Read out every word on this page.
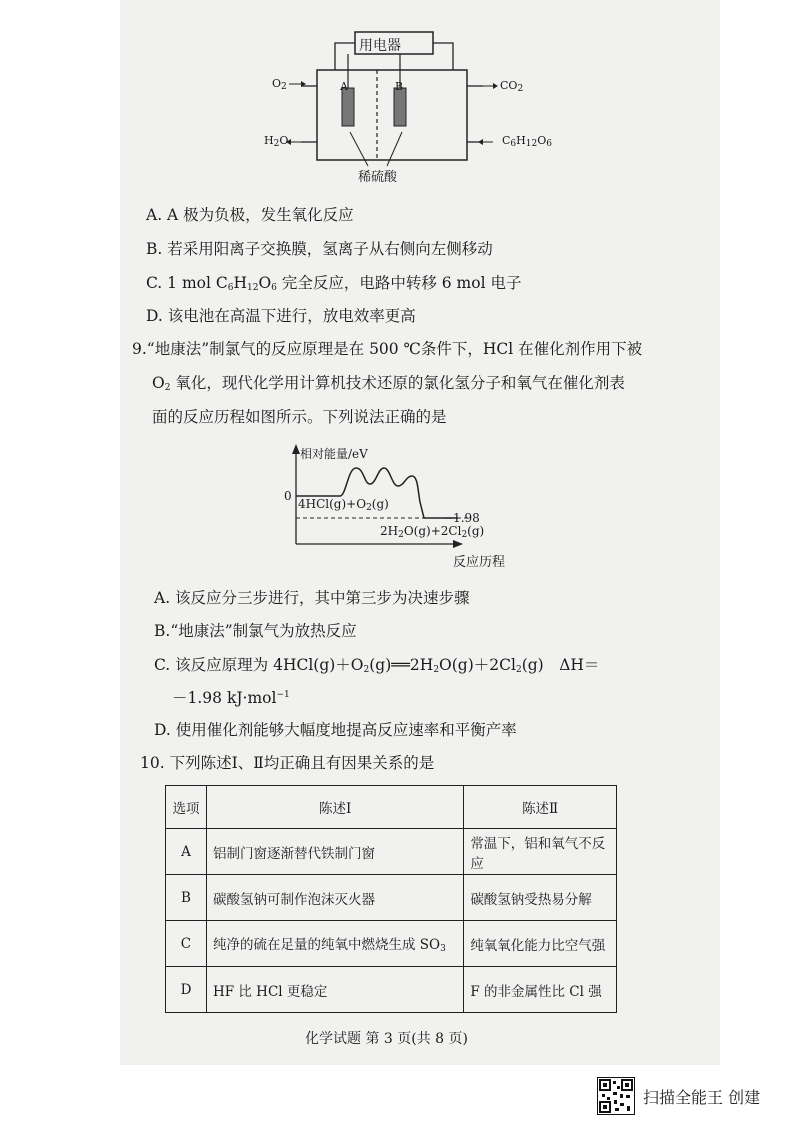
用电器
A	B
$O_2$	$CO_2$
$H_2O$	$C_6H_{12}O_6$
稀硫酸
A. A 极为负极，发生氧化反应
B. 若采用阳离子交换膜，氢离子从右侧向左侧移动
C. 1 mol $C_6H_{12}O_6$ 完全反应，电路中转移 6 mol 电子
D. 该电池在高温下进行，放电效率更高
9.“地康法”制氯气的反应原理是在 500 ℃条件下，HCl 在催化剂作用下被
$O_2$ 氧化，现代化学用计算机技术还原的氯化氢分子和氧气在催化剂表
面的反应历程如图所示。下列说法正确的是
相对能量/eV
0
$4HCl(g)+O_2(g)$
−1.98
$2H_2O(g)+2Cl_2(g)$
反应历程
A. 该反应分三步进行，其中第三步为决速步骤
B.“地康法”制氯气为放热反应
C. 该反应原理为 $4HCl(g)+O_2(g)══2H_2O(g)+2Cl_2(g)$　ΔH＝
－1.98 kJ·mol$^{-1}$
D. 使用催化剂能够大幅度地提高反应速率和平衡产率
10. 下列陈述Ⅰ、Ⅱ均正确且有因果关系的是
选项	陈述Ⅰ	陈述Ⅱ
A	铝制门窗逐渐替代铁制门窗	常温下，铝和氧气不反应
B	碳酸氢钠可制作泡沫灭火器	碳酸氢钠受热易分解
C	纯净的硫在足量的纯氧中燃烧生成 $SO_3$	纯氧氧化能力比空气强
D	HF 比 HCl 更稳定	F 的非金属性比 Cl 强
化学试题 第 3 页(共 8 页)
扫描全能王 创建
